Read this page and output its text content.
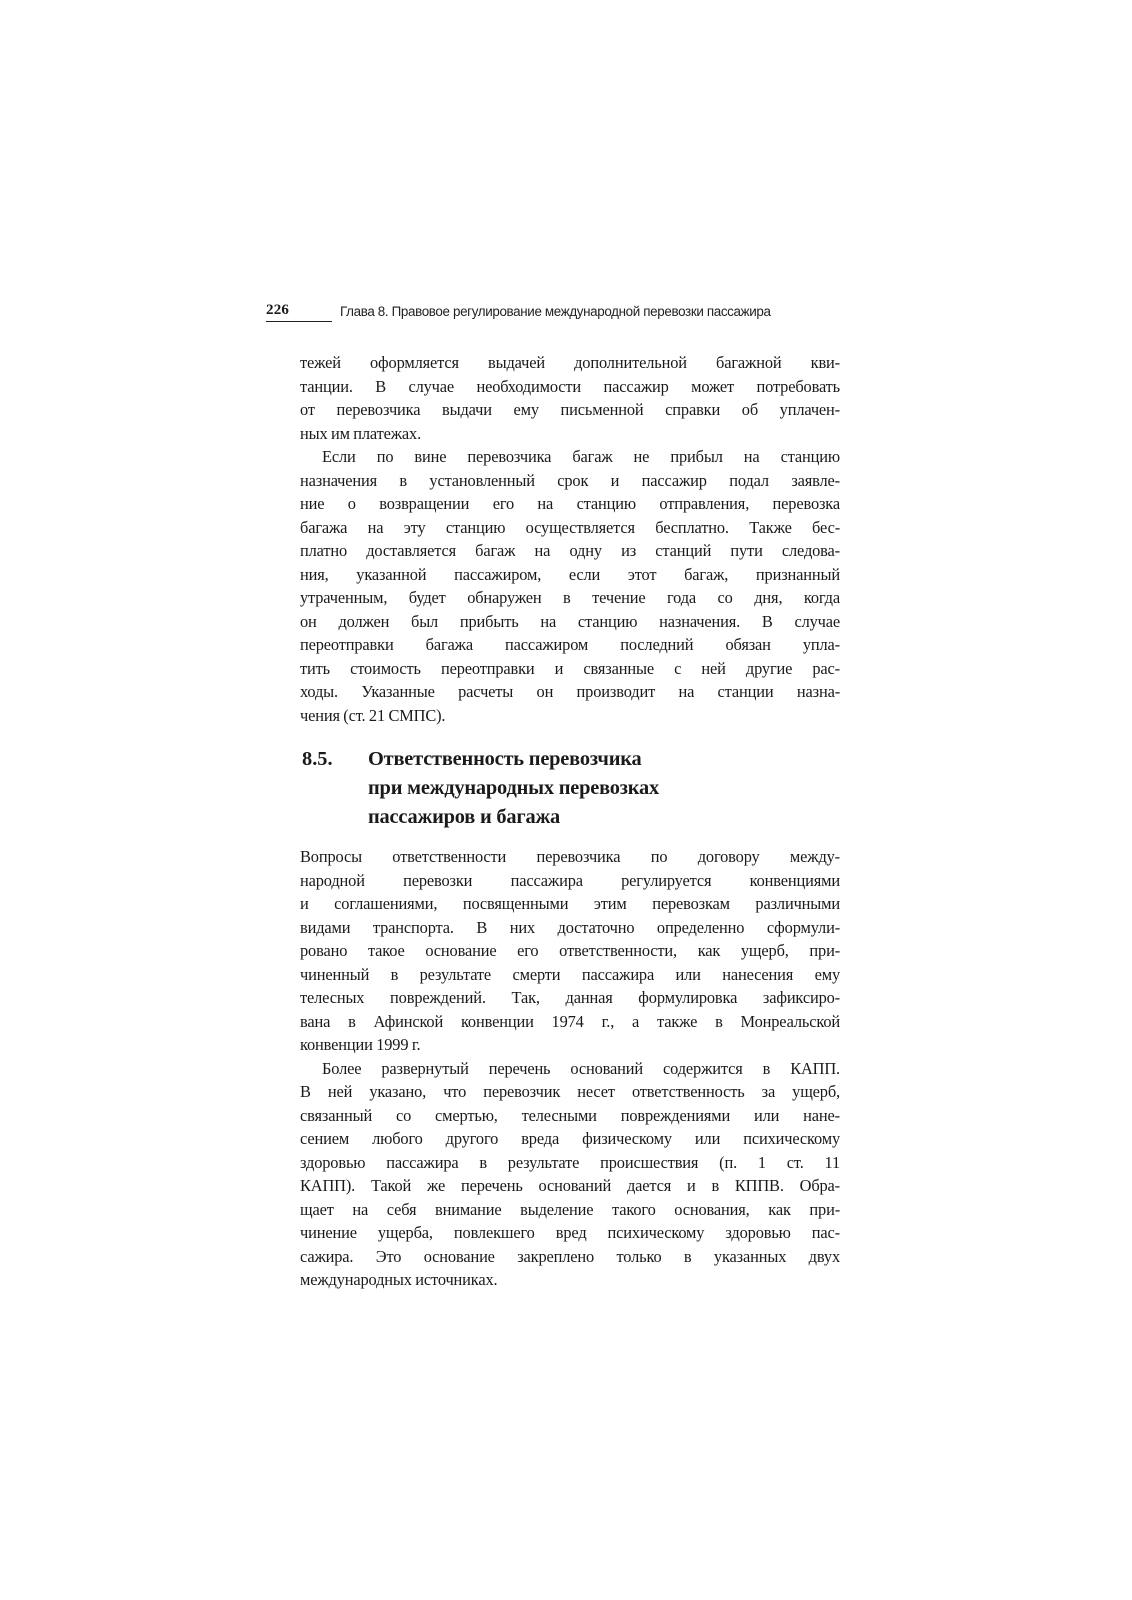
226	Глава 8. Правовое регулирование международной перевозки пассажира
тежей оформляется выдачей дополнительной багажной кви-
танции. В случае необходимости пассажир может потребовать
от перевозчика выдачи ему письменной справки об уплачен-
ных им платежах.
Если по вине перевозчика багаж не прибыл на станцию
назначения в установленный срок и пассажир подал заявле-
ние о возвращении его на станцию отправления, перевозка
багажа на эту станцию осуществляется бесплатно. Также бес-
платно доставляется багаж на одну из станций пути следова-
ния, указанной пассажиром, если этот багаж, признанный
утраченным, будет обнаружен в течение года со дня, когда
он должен был прибыть на станцию назначения. В случае
переотправки багажа пассажиром последний обязан упла-
тить стоимость переотправки и связанные с ней другие рас-
ходы. Указанные расчеты он производит на станции назна-
чения (ст. 21 СМПС).
8.5. Ответственность перевозчика
при международных перевозках
пассажиров и багажа
Вопросы ответственности перевозчика по договору между-
народной перевозки пассажира регулируется конвенциями
и соглашениями, посвященными этим перевозкам различными
видами транспорта. В них достаточно определенно сформули-
ровано такое основание его ответственности, как ущерб, при-
чиненный в результате смерти пассажира или нанесения ему
телесных повреждений. Так, данная формулировка зафиксиро-
вана в Афинской конвенции 1974 г., а также в Монреальской
конвенции 1999 г.
Более развернутый перечень оснований содержится в КАПП.
В ней указано, что перевозчик несет ответственность за ущерб,
связанный со смертью, телесными повреждениями или нане-
сением любого другого вреда физическому или психическому
здоровью пассажира в результате происшествия (п. 1 ст. 11
КАПП). Такой же перечень оснований дается и в КППВ. Обра-
щает на себя внимание выделение такого основания, как при-
чинение ущерба, повлекшего вред психическому здоровью пас-
сажира. Это основание закреплено только в указанных двух
международных источниках.
